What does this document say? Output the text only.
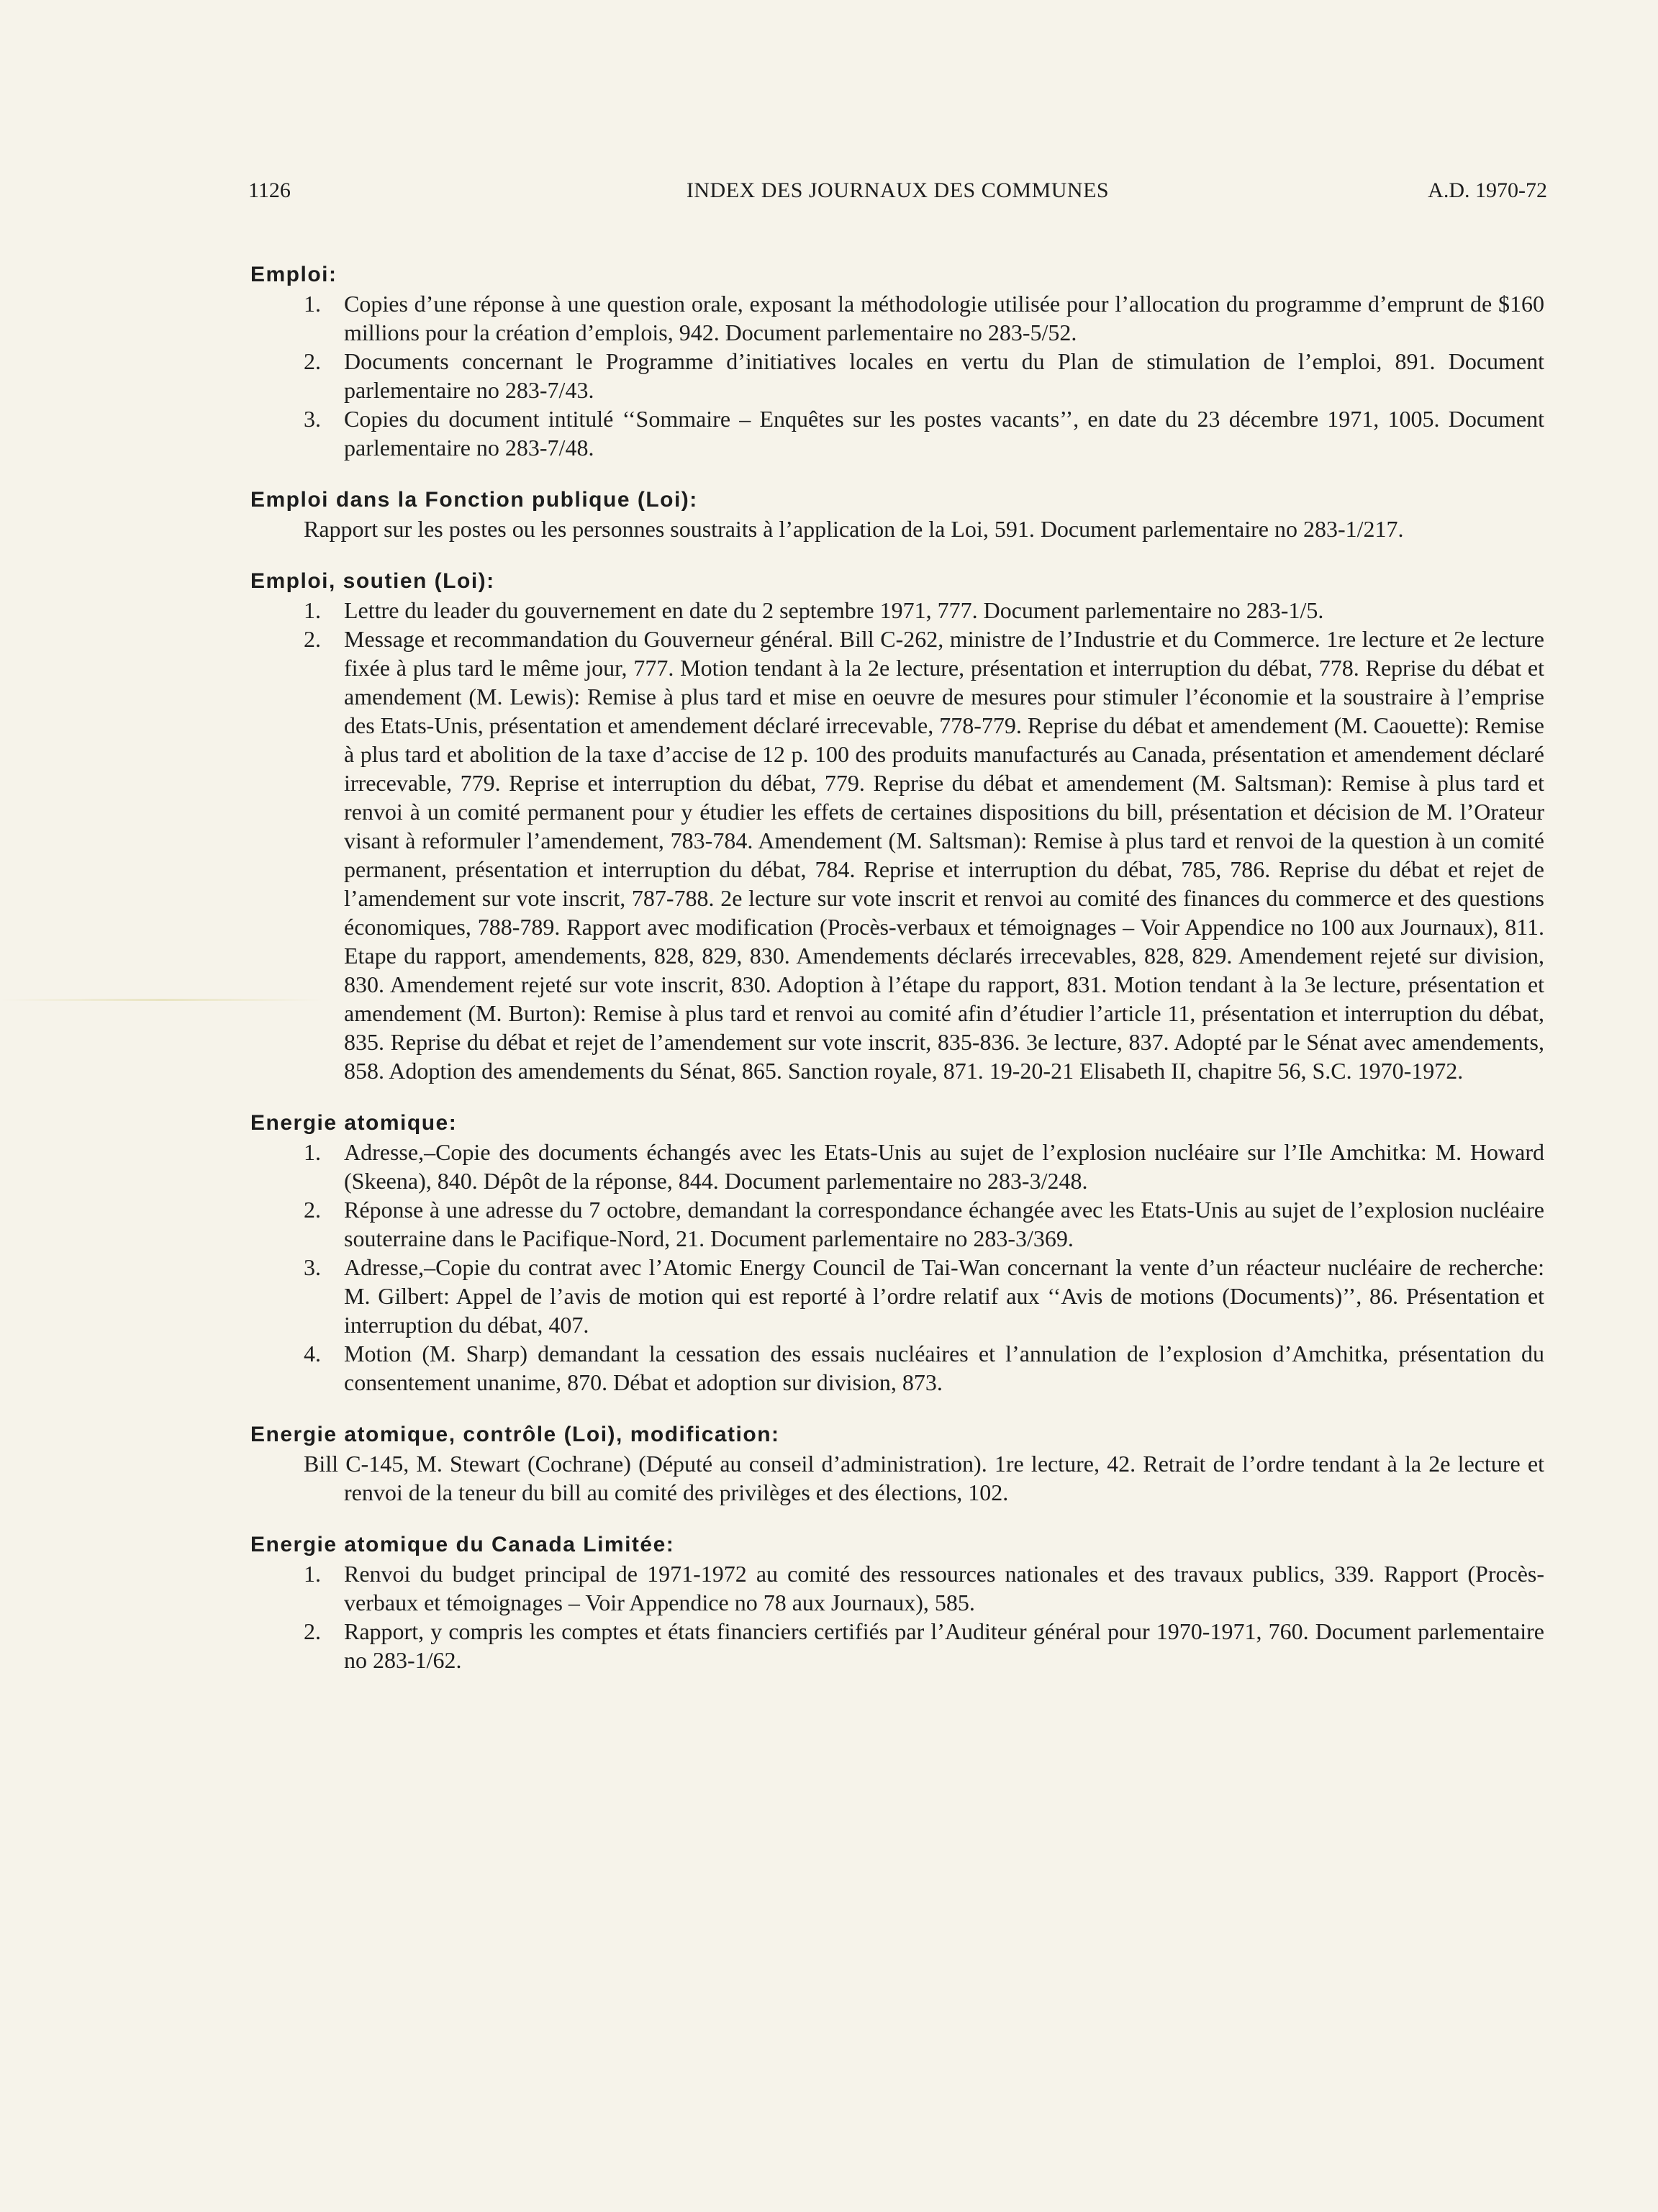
1126	INDEX DES JOURNAUX DES COMMUNES	A.D. 1970-72

Emploi:

1. Copies d’une réponse à une question orale, exposant la méthodologie utilisée pour l’allocation du programme d’emprunt de $160 millions pour la création d’emplois, 942. Document parlementaire no 283-5/52.

2. Documents concernant le Programme d’initiatives locales en vertu du Plan de stimulation de l’emploi, 891. Document parlementaire no 283-7/43.

3. Copies du document intitulé ‘‘Sommaire – Enquêtes sur les postes vacants’’, en date du 23 décembre 1971, 1005. Document parlementaire no 283-7/48.

Emploi dans la Fonction publique (Loi):

Rapport sur les postes ou les personnes soustraits à l’application de la Loi, 591. Document parlementaire no 283-1/217.

Emploi, soutien (Loi):

1. Lettre du leader du gouvernement en date du 2 septembre 1971, 777. Document parlementaire no 283-1/5.

2. Message et recommandation du Gouverneur général. Bill C-262, ministre de l’Industrie et du Commerce. 1re lecture et 2e lecture fixée à plus tard le même jour, 777. Motion tendant à la 2e lecture, présentation et interruption du débat, 778. Reprise du débat et amendement (M. Lewis): Remise à plus tard et mise en oeuvre de mesures pour stimuler l’économie et la soustraire à l’emprise des Etats-Unis, présentation et amendement déclaré irrecevable, 778-779. Reprise du débat et amendement (M. Caouette): Remise à plus tard et abolition de la taxe d’accise de 12 p. 100 des produits manufacturés au Canada, présentation et amendement déclaré irrecevable, 779. Reprise et interruption du débat, 779. Reprise du débat et amendement (M. Saltsman): Remise à plus tard et renvoi à un comité permanent pour y étudier les effets de certaines dispositions du bill, présentation et décision de M. l’Orateur visant à reformuler l’amendement, 783-784. Amendement (M. Saltsman): Remise à plus tard et renvoi de la question à un comité permanent, présentation et interruption du débat, 784. Reprise et interruption du débat, 785, 786. Reprise du débat et rejet de l’amendement sur vote inscrit, 787-788. 2e lecture sur vote inscrit et renvoi au comité des finances du commerce et des questions économiques, 788-789. Rapport avec modification (Procès-verbaux et témoignages – Voir Appendice no 100 aux Journaux), 811. Etape du rapport, amendements, 828, 829, 830. Amendements déclarés irrecevables, 828, 829. Amendement rejeté sur division, 830. Amendement rejeté sur vote inscrit, 830. Adoption à l’étape du rapport, 831. Motion tendant à la 3e lecture, présentation et amendement (M. Burton): Remise à plus tard et renvoi au comité afin d’étudier l’article 11, présentation et interruption du débat, 835. Reprise du débat et rejet de l’amendement sur vote inscrit, 835-836. 3e lecture, 837. Adopté par le Sénat avec amendements, 858. Adoption des amendements du Sénat, 865. Sanction royale, 871. 19-20-21 Elisabeth II, chapitre 56, S.C. 1970-1972.

Energie atomique:

1. Adresse,–Copie des documents échangés avec les Etats-Unis au sujet de l’explosion nucléaire sur l’Ile Amchitka: M. Howard (Skeena), 840. Dépôt de la réponse, 844. Document parlementaire no 283-3/248.

2. Réponse à une adresse du 7 octobre, demandant la correspondance échangée avec les Etats-Unis au sujet de l’explosion nucléaire souterraine dans le Pacifique-Nord, 21. Document parlementaire no 283-3/369.

3. Adresse,–Copie du contrat avec l’Atomic Energy Council de Tai-Wan concernant la vente d’un réacteur nucléaire de recherche: M. Gilbert: Appel de l’avis de motion qui est reporté à l’ordre relatif aux ‘‘Avis de motions (Documents)’’, 86. Présentation et interruption du débat, 407.

4. Motion (M. Sharp) demandant la cessation des essais nucléaires et l’annulation de l’explosion d’Amchitka, présentation du consentement unanime, 870. Débat et adoption sur division, 873.

Energie atomique, contrôle (Loi), modification:

Bill C-145, M. Stewart (Cochrane) (Député au conseil d’administration). 1re lecture, 42. Retrait de l’ordre tendant à la 2e lecture et renvoi de la teneur du bill au comité des privilèges et des élections, 102.

Energie atomique du Canada Limitée:

1. Renvoi du budget principal de 1971-1972 au comité des ressources nationales et des travaux publics, 339. Rapport (Procès-verbaux et témoignages – Voir Appendice no 78 aux Journaux), 585.

2. Rapport, y compris les comptes et états financiers certifiés par l’Auditeur général pour 1970-1971, 760. Document parlementaire no 283-1/62.
